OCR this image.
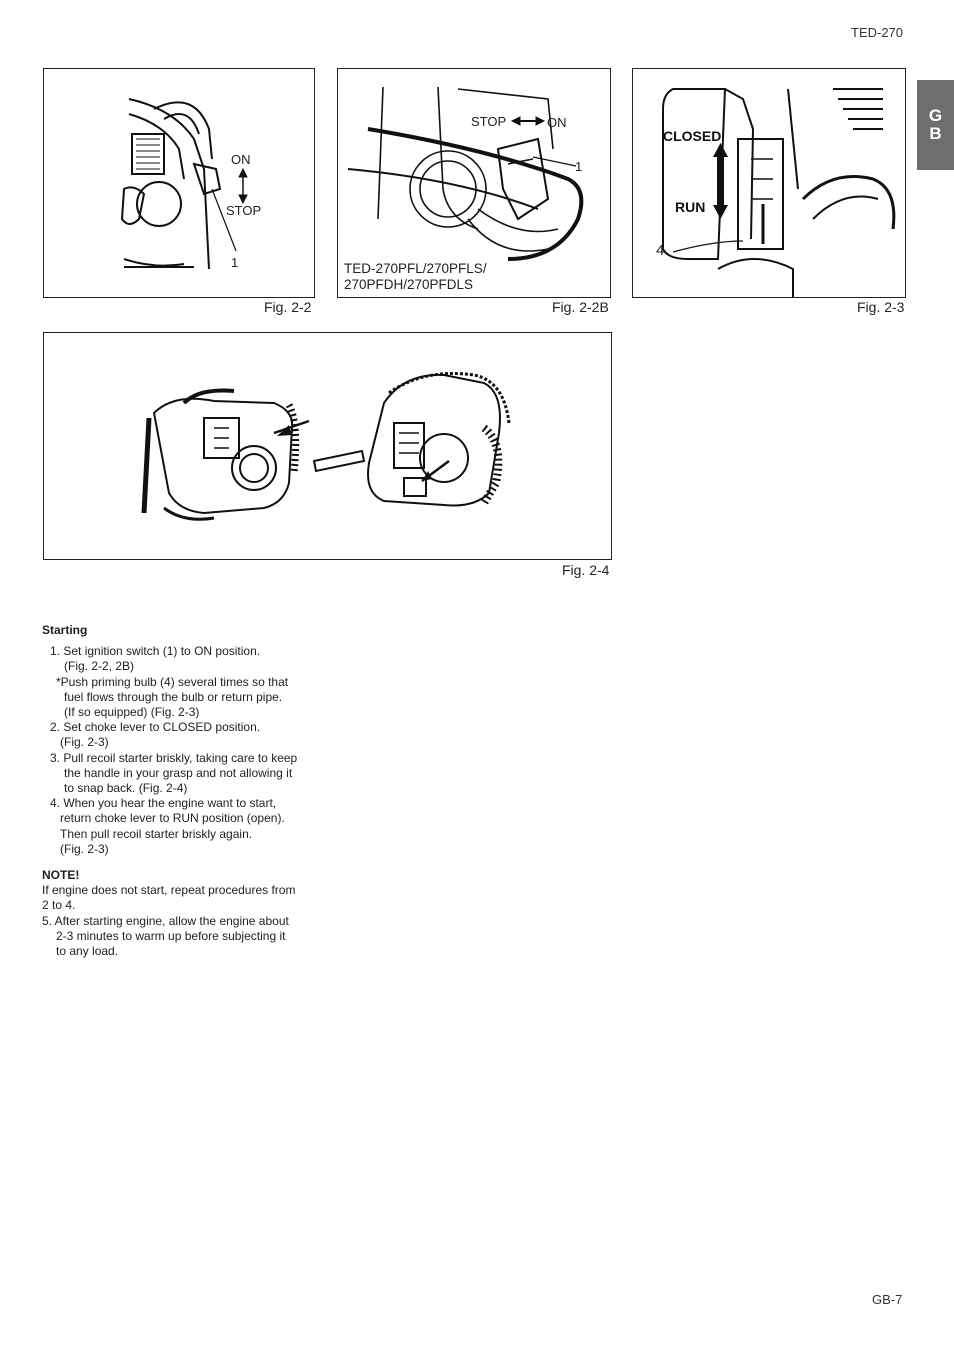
TED-270
G
B
ON
STOP
1
Fig. 2-2
STOP	ON
1
TED-270PFL/270PFLS/
270PFDH/270PFDLS
Fig. 2-2B
CLOSED
RUN
4
Fig. 2-3
Fig. 2-4

Starting

1. Set ignition switch (1) to ON position.

(Fig. 2-2, 2B)

*Push priming bulb (4) several times so that

fuel flows through the bulb or return pipe.

(If so equipped) (Fig. 2-3)

2. Set choke lever to CLOSED position.

(Fig. 2-3)

3. Pull recoil starter briskly, taking care to keep

the handle in your grasp and not allowing it

to snap back. (Fig. 2-4)

4. When you hear the engine want to start,

return choke lever to RUN position (open).

Then pull recoil starter briskly again.

(Fig. 2-3)

NOTE!

If engine does not start, repeat procedures from

2 to 4.

5. After starting engine, allow the engine about

2-3 minutes to warm up before subjecting it

to any load.

GB-7
